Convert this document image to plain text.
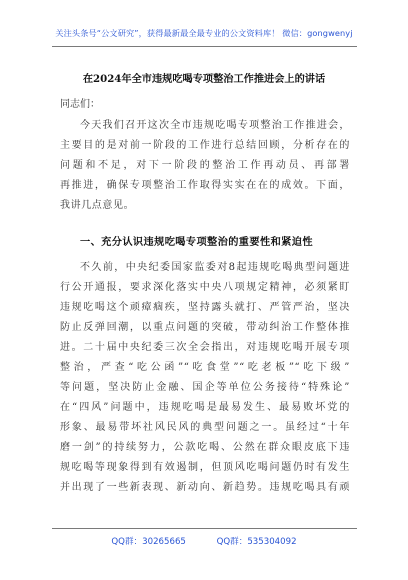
关注头条号“公文研究”，获得最新最全最专业的公文资料库！ 微信：gongwenyj
在2024年全市违规吃喝专项整治工作推进会上的讲话
同志们：
今天我们召开这次全市违规吃喝专项整治工作推进会，
主要目的是对前一阶段的工作进行总结回顾，分析存在的
问题和不足，对下一阶段的整治工作再动员、再部署
再推进，确保专项整治工作取得实实在在的成效。下面，
我讲几点意见。
一、充分认识违规吃喝专项整治的重要性和紧迫性
不久前，中央纪委国家监委对8起违规吃喝典型问题进
行公开通报，要求深化落实中央八项规定精神，必须紧盯
违规吃喝这个顽瘴痼疾，坚持露头就打、严管严治，坚决
防止反弹回潮，以重点问题的突破，带动纠治工作整体推
进。二十届中央纪委三次全会指出，对违规吃喝开展专项
整治，严查“吃公函”“吃食堂”“吃老板”“吃下级”
等问题，坚决防止金融、国企等单位公务接待“特殊论”
在“四风”问题中，违规吃喝是最易发生、最易败坏党的
形象、最易带坏社风民风的典型问题之一。虽经过“十年
磨一剑”的持续努力，公款吃喝、公然在群众眼皮底下违
规吃喝等现象得到有效遏制，但顶风吃喝问题仍时有发生
并出现了一些新表现、新动向、新趋势。违规吃喝具有顽
QQ群：30265665	QQ群：535304092
